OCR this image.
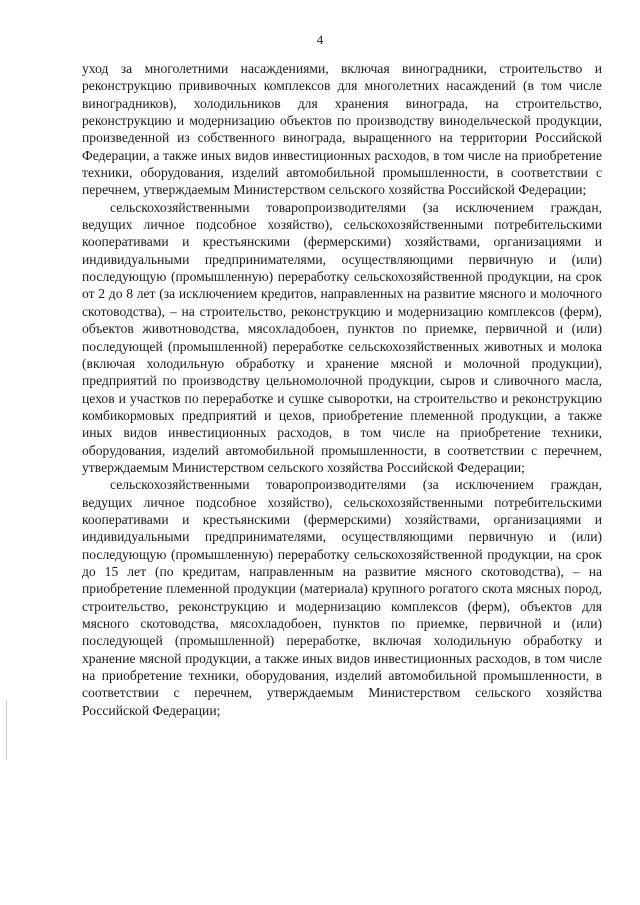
4

уход за многолетними насаждениями, включая виноградники, строительство и реконструкцию прививочных комплексов для многолетних насаждений (в том числе виноградников), холодильников для хранения винограда, на строительство, реконструкцию и модернизацию объектов по производству винодельческой продукции, произведенной из собственного винограда, выращенного на территории Российской Федерации, а также иных видов инвестиционных расходов, в том числе на приобретение техники, оборудования, изделий автомобильной промышленности, в соответствии с перечнем, утверждаемым Министерством сельского хозяйства Российской Федерации;

сельскохозяйственными товаропроизводителями (за исключением граждан, ведущих личное подсобное хозяйство), сельскохозяйственными потребительскими кооперативами и крестьянскими (фермерскими) хозяйствами, организациями и индивидуальными предпринимателями, осуществляющими первичную и (или) последующую (промышленную) переработку сельскохозяйственной продукции, на срок от 2 до 8 лет (за исключением кредитов, направленных на развитие мясного и молочного скотоводства), – на строительство, реконструкцию и модернизацию комплексов (ферм), объектов животноводства, мясохладобоен, пунктов по приемке, первичной и (или) последующей (промышленной) переработке сельскохозяйственных животных и молока (включая холодильную обработку и хранение мясной и молочной продукции), предприятий по производству цельномолочной продукции, сыров и сливочного масла, цехов и участков по переработке и сушке сыворотки, на строительство и реконструкцию комбикормовых предприятий и цехов, приобретение племенной продукции, а также иных видов инвестиционных расходов, в том числе на приобретение техники, оборудования, изделий автомобильной промышленности, в соответствии с перечнем, утверждаемым Министерством сельского хозяйства Российской Федерации;

сельскохозяйственными товаропроизводителями (за исключением граждан, ведущих личное подсобное хозяйство), сельскохозяйственными потребительскими кооперативами и крестьянскими (фермерскими) хозяйствами, организациями и индивидуальными предпринимателями, осуществляющими первичную и (или) последующую (промышленную) переработку сельскохозяйственной продукции, на срок до 15 лет (по кредитам, направленным на развитие мясного скотоводства), – на приобретение племенной продукции (материала) крупного рогатого скота мясных пород, строительство, реконструкцию и модернизацию комплексов (ферм), объектов для мясного скотоводства, мясохладобоен, пунктов по приемке, первичной и (или) последующей (промышленной) переработке, включая холодильную обработку и хранение мясной продукции, а также иных видов инвестиционных расходов, в том числе на приобретение техники, оборудования, изделий автомобильной промышленности, в соответствии с перечнем, утверждаемым Министерством сельского хозяйства Российской Федерации;
